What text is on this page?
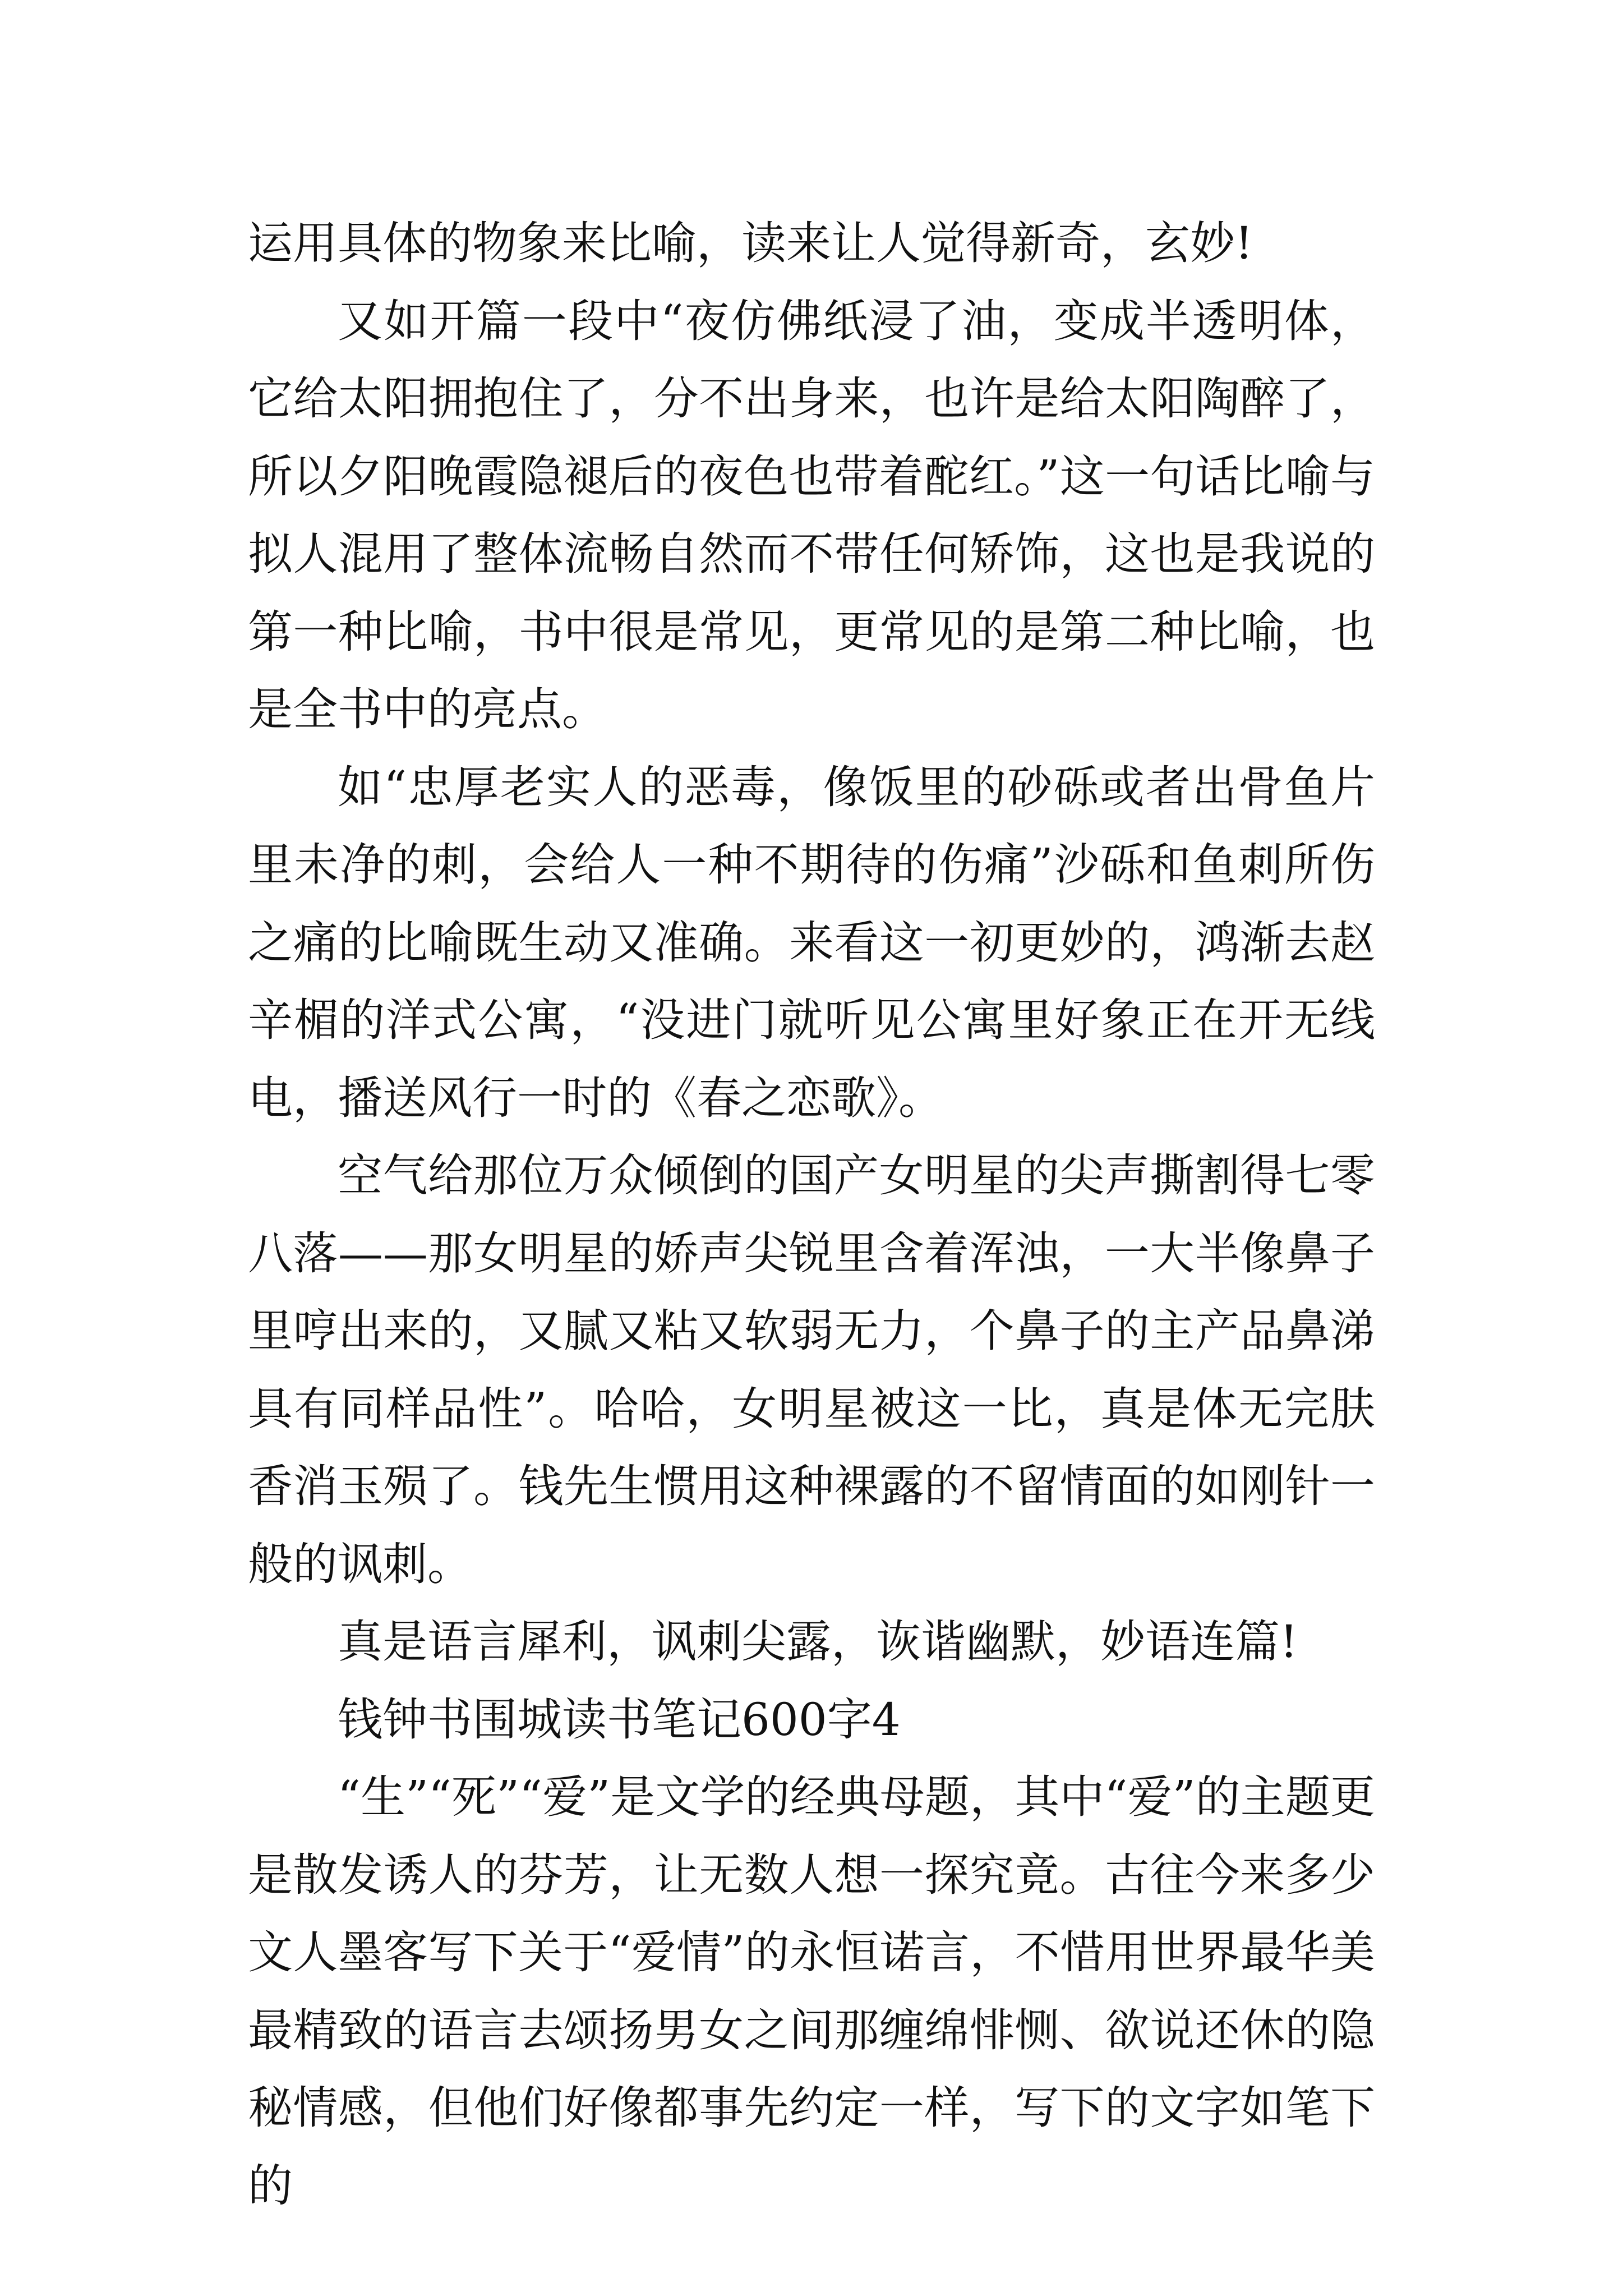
运用具体的物象来比喻，读来让人觉得新奇，玄妙!

又如开篇一段中“夜仿佛纸浸了油，变成半透明体，它给太阳拥抱住了，分不出身来，也许是给太阳陶醉了，所以夕阳晚霞隐褪后的夜色也带着酡红。”这一句话比喻与拟人混用了整体流畅自然而不带任何矫饰，这也是我说的第一种比喻，书中很是常见，更常见的是第二种比喻，也是全书中的亮点。

如“忠厚老实人的恶毒，像饭里的砂砾或者出骨鱼片里未净的刺，会给人一种不期待的伤痛”沙砾和鱼刺所伤之痛的比喻既生动又准确。来看这一初更妙的，鸿渐去赵辛楣的洋式公寓，“没进门就听见公寓里好象正在开无线电，播送风行一时的《春之恋歌》。

空气给那位万众倾倒的国产女明星的尖声撕割得七零八落——那女明星的娇声尖锐里含着浑浊，一大半像鼻子里哼出来的，又腻又粘又软弱无力，个鼻子的主产品鼻涕具有同样品性”。哈哈，女明星被这一比，真是体无完肤香消玉殒了。钱先生惯用这种裸露的不留情面的如刚针一般的讽刺。

真是语言犀利，讽刺尖露，诙谐幽默，妙语连篇!

钱钟书围城读书笔记600字4

“生”“死”“爱”是文学的经典母题，其中“爱”的主题更是散发诱人的芬芳，让无数人想一探究竟。古往今来多少文人墨客写下关于“爱情”的永恒诺言，不惜用世界最华美最精致的语言去颂扬男女之间那缠绵悱恻、欲说还休的隐秘情感，但他们好像都事先约定一样，写下的文字如笔下的
